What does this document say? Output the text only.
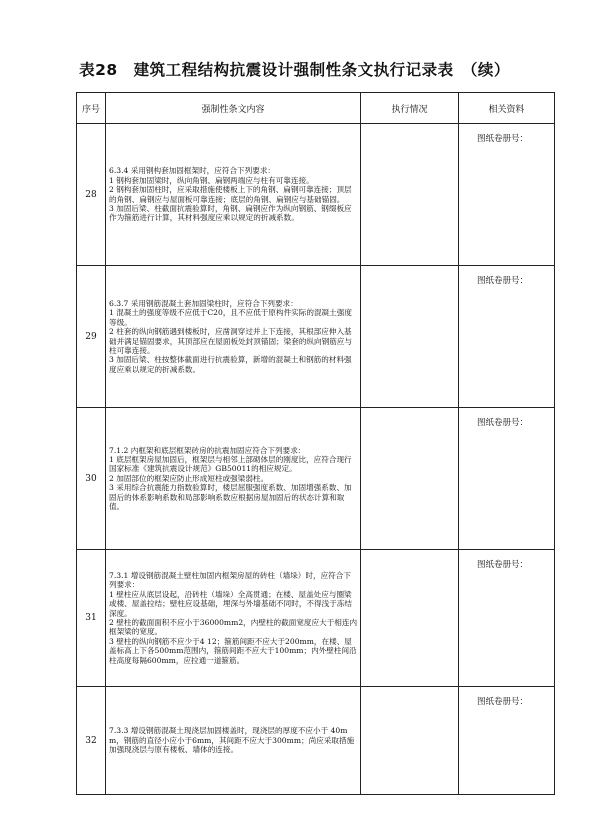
表28　建筑工程结构抗震设计强制性条文执行记录表　（续）
序号	强制性条文内容	执行情况	相关资料
28	6.3.4 采用钢构套加固框架时，应符合下列要求：
1 钢构套加固梁时，纵向角钢、扁钢两端应与柱有可靠连接。
2 钢构套加固柱时，应采取措施使楼板上下的角钢、扁钢可靠连接；顶层的角钢、扁钢应与屋面板可靠连接；底层的角钢、扁钢应与基础锚固。
3 加固后梁、柱截面抗震验算时，角钢、扁钢应作为纵向钢筋、钢缀板应作为箍筋进行计算，其材料强度应乘以规定的折减系数。		图纸卷册号：
29	6.3.7 采用钢筋混凝土套加固梁柱时，应符合下列要求：
1 混凝土的强度等级不应低于C20，且不应低于原构件实际的混凝土强度等级。
2 柱套的纵向钢筋遇到楼板时，应凿洞穿过并上下连接，其根部应伸入基础并满足锚固要求，其顶部应在屋面板处封顶锚固；梁套的纵向钢筋应与柱可靠连接。
3 加固后梁、柱按整体截面进行抗震验算，新增的混凝土和钢筋的材料强度应乘以规定的折减系数。		图纸卷册号：
30	7.1.2 内框架和底层框架砖房的抗震加固应符合下列要求：
1 底层框架房屋加固后，框架层与相邻上部砌体层的刚度比，应符合现行国家标准《建筑抗震设计规范》GB50011的相应规定。
2 加固部位的框架应防止形成短柱或强梁弱柱。
3 采用综合抗震能力指数验算时，楼层屈服强度系数、加固增强系数、加固后的体系影响系数和局部影响系数应根据房屋加固后的状态计算和取值。		图纸卷册号：
31	7.3.1 增设钢筋混凝土壁柱加固内框架房屋的砖柱（墙垛）时，应符合下列要求：
1 壁柱应从底层设起，沿砖柱（墙垛）全高贯通；在楼、屋盖处应与圈梁或楼、屋盖拉结；壁柱应设基础，埋深与外墙基础不同时，不得浅于冻结深度。
2 壁柱的截面面积不应小于36000mm2，内壁柱的截面宽度应大于相连内框架梁的宽度。
3 壁柱的纵向钢筋不应少于4 12；箍筋间距不应大于200mm，在楼、屋盖标高上下各500mm范围内，箍筋间距不应大于100mm；内外壁柱间沿柱高度每隔600mm，应拉通一道箍筋。		图纸卷册号：
32	7.3.3 增设钢筋混凝土现浇层加固楼盖时，现浇层的厚度不应小于 40mm，钢筋的直径小应小于6mm，其间距不应大于300mm；尚应采取措施加强现浇层与原有楼板、墙体的连接。		图纸卷册号：
